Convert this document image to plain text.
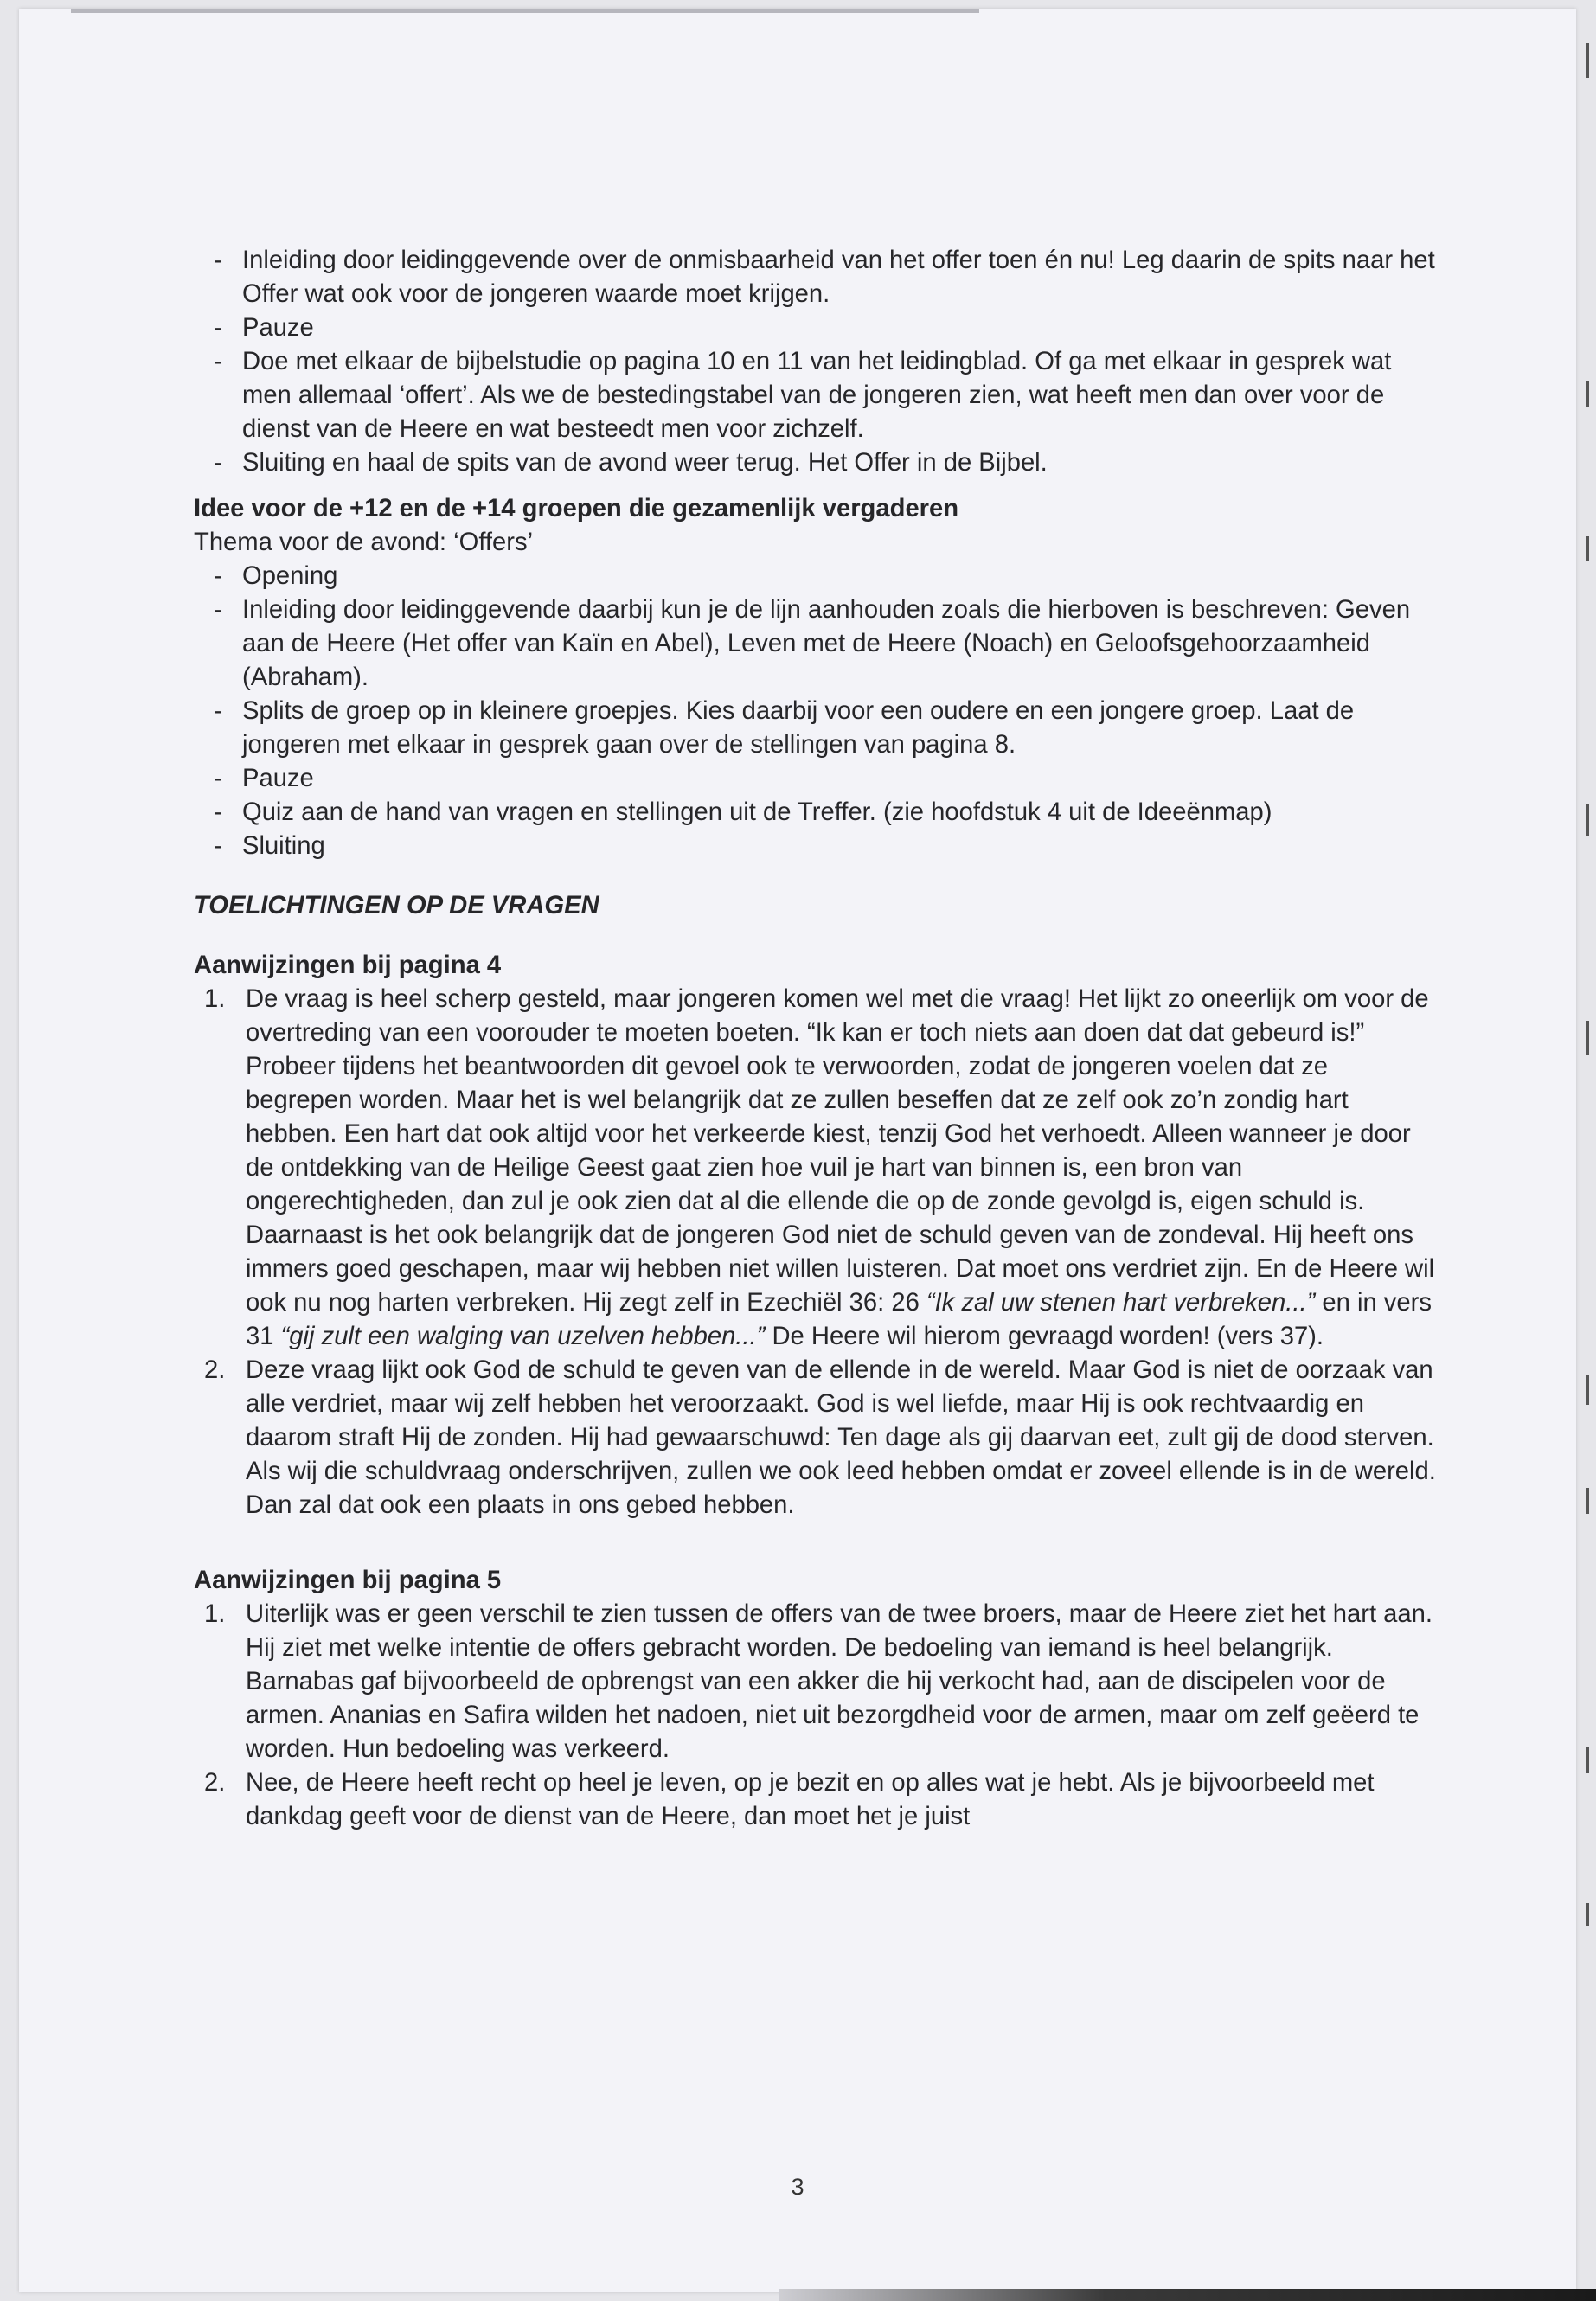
- Inleiding door leidinggevende over de onmisbaarheid van het offer toen én nu! Leg daarin de spits naar het Offer wat ook voor de jongeren waarde moet krijgen.
- Pauze
- Doe met elkaar de bijbelstudie op pagina 10 en 11 van het leidingblad. Of ga met elkaar in gesprek wat men allemaal ‘offert’. Als we de bestedingstabel van de jongeren zien, wat heeft men dan over voor de dienst van de Heere en wat besteedt men voor zichzelf.
- Sluiting en haal de spits van de avond weer terug. Het Offer in de Bijbel.
Idee voor de +12 en de +14 groepen die gezamenlijk vergaderen
Thema voor de avond: ‘Offers’
- Opening
- Inleiding door leidinggevende daarbij kun je de lijn aanhouden zoals die hierboven is beschreven: Geven aan de Heere (Het offer van Kaïn en Abel), Leven met de Heere (Noach) en Geloofsgehoorzaamheid (Abraham).
- Splits de groep op in kleinere groepjes. Kies daarbij voor een oudere en een jongere groep. Laat de jongeren met elkaar in gesprek gaan over de stellingen van pagina 8.
- Pauze
- Quiz aan de hand van vragen en stellingen uit de Treffer. (zie hoofdstuk 4 uit de Ideeënmap)
- Sluiting
TOELICHTINGEN OP DE VRAGEN
Aanwijzingen bij pagina 4
1. De vraag is heel scherp gesteld, maar jongeren komen wel met die vraag! Het lijkt zo oneerlijk om voor de overtreding van een voorouder te moeten boeten. “Ik kan er toch niets aan doen dat dat gebeurd is!” Probeer tijdens het beantwoorden dit gevoel ook te verwoorden, zodat de jongeren voelen dat ze begrepen worden. Maar het is wel belangrijk dat ze zullen beseffen dat ze zelf ook zo’n zondig hart hebben. Een hart dat ook altijd voor het verkeerde kiest, tenzij God het verhoedt. Alleen wanneer je door de ontdekking van de Heilige Geest gaat zien hoe vuil je hart van binnen is, een bron van ongerechtigheden, dan zul je ook zien dat al die ellende die op de zonde gevolgd is, eigen schuld is.
Daarnaast is het ook belangrijk dat de jongeren God niet de schuld geven van de zondeval. Hij heeft ons immers goed geschapen, maar wij hebben niet willen luisteren. Dat moet ons verdriet zijn. En de Heere wil ook nu nog harten verbreken. Hij zegt zelf in Ezechiël 36: 26 “Ik zal uw stenen hart verbreken...” en in vers 31 “gij zult een walging van uzelven hebben...” De Heere wil hierom gevraagd worden! (vers 37).
2. Deze vraag lijkt ook God de schuld te geven van de ellende in de wereld. Maar God is niet de oorzaak van alle verdriet, maar wij zelf hebben het veroorzaakt. God is wel liefde, maar Hij is ook rechtvaardig en daarom straft Hij de zonden. Hij had gewaarschuwd: Ten dage als gij daarvan eet, zult gij de dood sterven. Als wij die schuldvraag onderschrijven, zullen we ook leed hebben omdat er zoveel ellende is in de wereld. Dan zal dat ook een plaats in ons gebed hebben.
Aanwijzingen bij pagina 5
1. Uiterlijk was er geen verschil te zien tussen de offers van de twee broers, maar de Heere ziet het hart aan. Hij ziet met welke intentie de offers gebracht worden. De bedoeling van iemand is heel belangrijk. Barnabas gaf bijvoorbeeld de opbrengst van een akker die hij verkocht had, aan de discipelen voor de armen. Ananias en Safira wilden het nadoen, niet uit bezorgdheid voor de armen, maar om zelf geëerd te worden. Hun bedoeling was verkeerd.
2. Nee, de Heere heeft recht op heel je leven, op je bezit en op alles wat je hebt. Als je bijvoorbeeld met dankdag geeft voor de dienst van de Heere, dan moet het je juist
3
